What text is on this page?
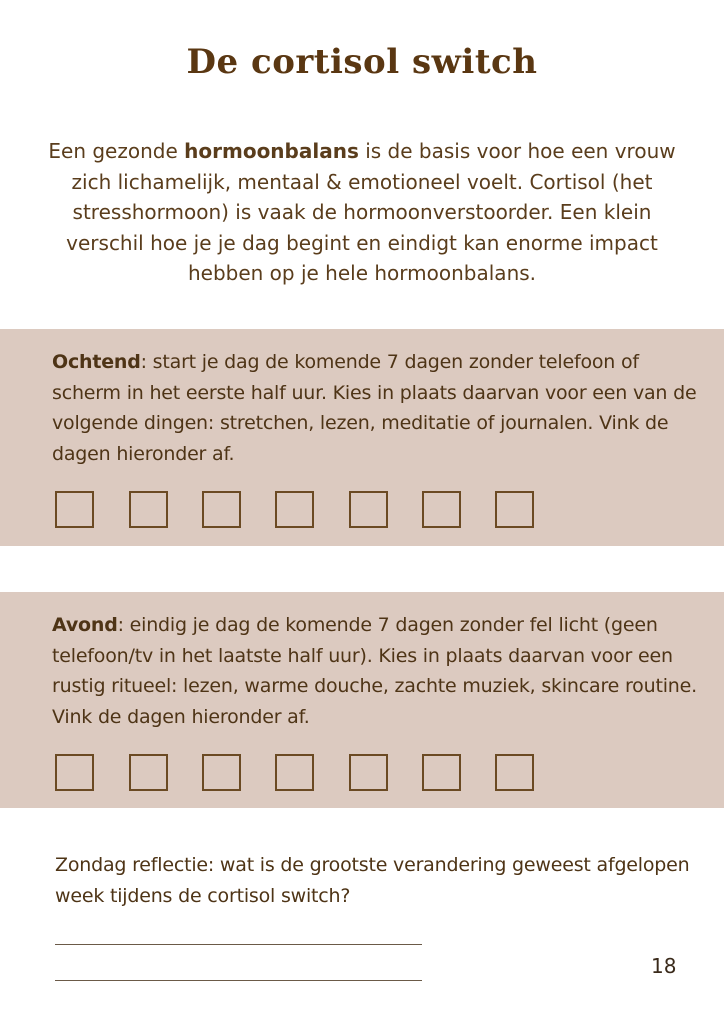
De cortisol switch
Een gezonde hormoonbalans is de basis voor hoe een vrouw zich lichamelijk, mentaal & emotioneel voelt. Cortisol (het stresshormoon) is vaak de hormoonverstoorder. Een klein verschil hoe je je dag begint en eindigt kan enorme impact hebben op je hele hormoonbalans.
Ochtend: start je dag de komende 7 dagen zonder telefoon of scherm in het eerste half uur. Kies in plaats daarvan voor een van de volgende dingen: stretchen, lezen, meditatie of journalen. Vink de dagen hieronder af.
Avond: eindig je dag de komende 7 dagen zonder fel licht (geen telefoon/tv in het laatste half uur). Kies in plaats daarvan voor een rustig ritueel: lezen, warme douche, zachte muziek, skincare routine. Vink de dagen hieronder af.
Zondag reflectie: wat is de grootste verandering geweest afgelopen week tijdens de cortisol switch?
18
